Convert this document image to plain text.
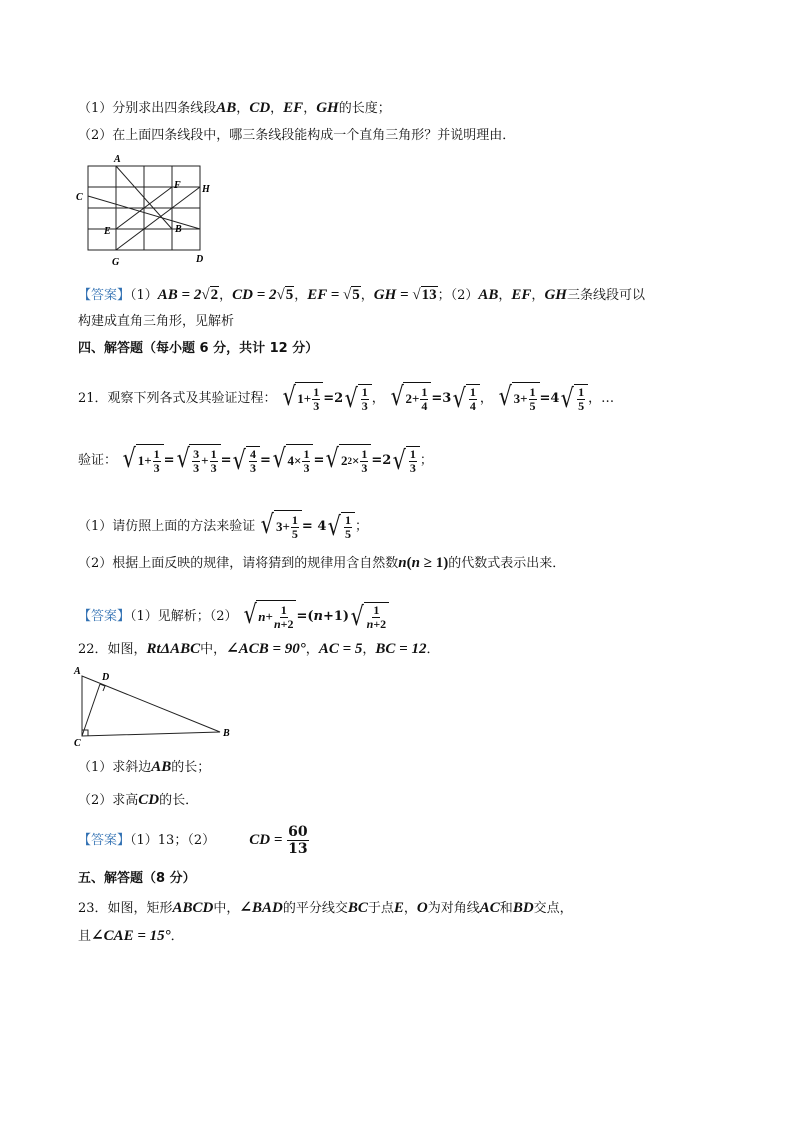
（1）分别求出四条线段AB，CD，EF，GH的长度；
（2）在上面四条线段中，哪三条线段能构成一个直角三角形？并说明理由．
A
C
F H
E	B
G	D
【答案】（1）AB = 2√2，CD = 2√5，EF = √5，GH = √13；（2）AB，EF，GH三条线段可以
构建成直角三角形，见解析
四、解答题（每小题 6 分，共计 12 分）
21．观察下列各式及其验证过程： √ $1+ \frac{1}{3} =2$ √ $\frac{1}{3}$ ， √ $2+ \frac{1}{4} =3$ √ $\frac{1}{4}$ ， √ $3+ \frac{1}{5} =4$ √ $\frac{1}{5}$ ，…
验证： √ $1+ \frac{1}{3}$ = √ $\frac{3}{3} + \frac{1}{3}$ = √ $\frac{4}{3}$ = √ $4\times \frac{1}{3}$ = √ 2 $2 \times \frac{1}{3} =2$ √ $\frac{1}{3}$ ；
（1）请仿照上面的方法来验证 √ $3+ \frac{1}{5} = 4$ √ $\frac{1}{5}$ ；
（2）根据上面反映的规律，请将猜到的规律用含自然数n(n ≥ 1)的代数式表示出来．
【答案】（1）见解析；（2） √ $n + \frac{1}{n+2} =(n+1)$ √ $\frac{1}{n+2}$
22．如图，RtΔABC中，∠ACB = 90°，AC = 5，BC = 12．
A
D
C
B
（1）求斜边AB的长；
（2）求高CD的长．
【答案】（1）13；（2） CD = $\frac{60}{13}$
五、解答题（8 分）
23．如图，矩形ABCD中，∠BAD的平分线交BC于点E，O为对角线AC和BD交点，
且∠CAE = 15°．
